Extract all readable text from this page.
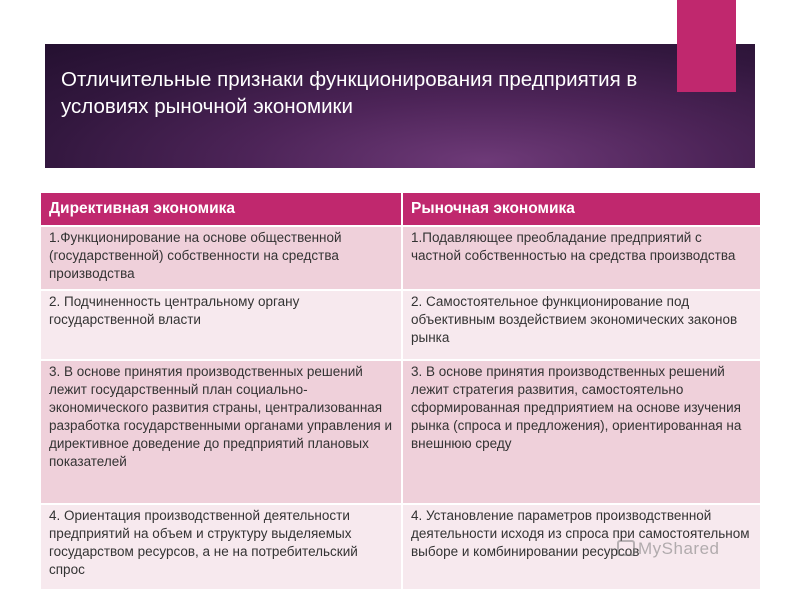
Отличительные признаки функционирования предприятия в условиях рыночной экономики
Директивная экономика	Рыночная экономика
1.Функционирование на основе общественной (государственной) собственности на средства производства	1.Подавляющее преобладание предприятий с частной собственностью на средства производства
2. Подчиненность центральному органу государственной власти	2. Самостоятельное функционирование под объективным воздействием экономических законов рынка
3. В основе принятия производственных решений лежит государственный план социально-экономического развития страны, централизованная разработка государственными органами управления и директивное доведение до предприятий плановых показателей	3. В основе принятия производственных решений лежит стратегия развития, самостоятельно сформированная предприятием на основе изучения рынка (спроса и предложения), ориентированная на внешнюю среду
4. Ориентация производственной деятельности предприятий на объем и структуру выделяемых государством ресурсов, а не на потребительский спрос	4. Установление параметров производственной деятельности исходя из спроса при самостоятельном выборе и комбинировании ресурсов
MyShared
